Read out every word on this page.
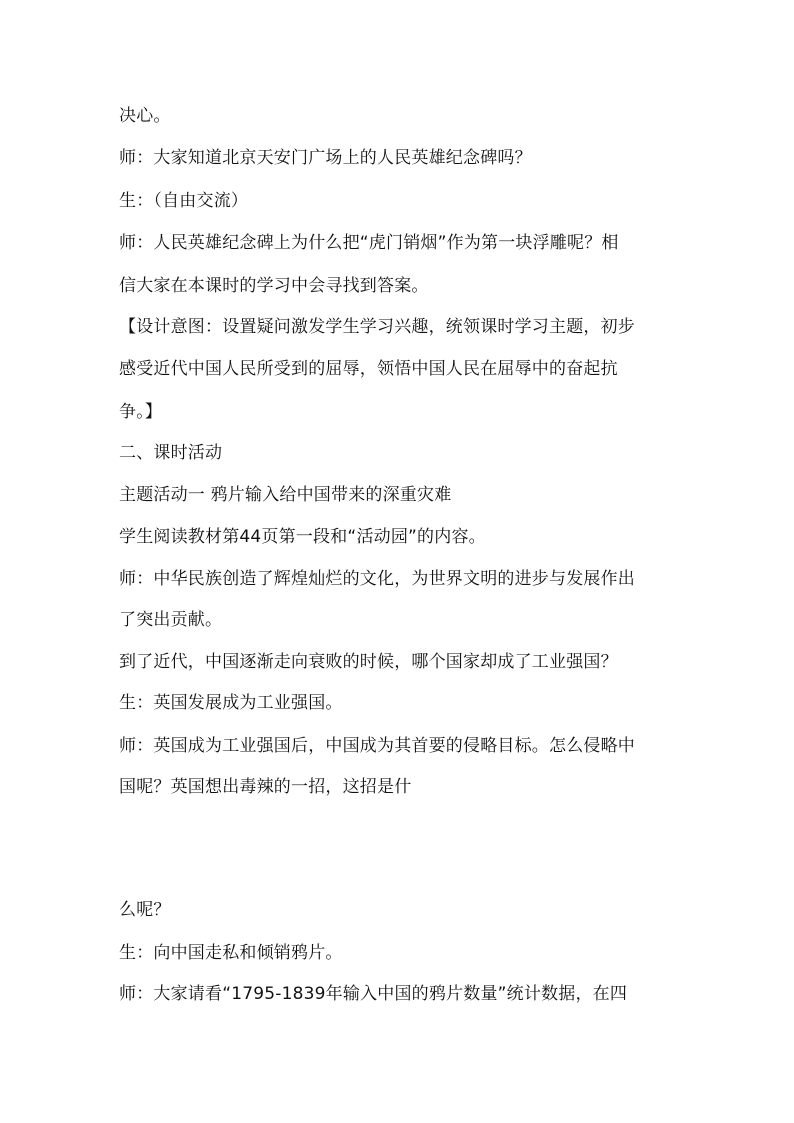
决心。
师：大家知道北京天安门广场上的人民英雄纪念碑吗？
生：（自由交流）
师：人民英雄纪念碑上为什么把“虎门销烟”作为第一块浮雕呢？相
信大家在本课时的学习中会寻找到答案。
【设计意图：设置疑问激发学生学习兴趣，统领课时学习主题，初步
感受近代中国人民所受到的屈辱，领悟中国人民在屈辱中的奋起抗
争。】
二、课时活动
主题活动一 鸦片输入给中国带来的深重灾难
学生阅读教材第44页第一段和“活动园”的内容。
师：中华民族创造了辉煌灿烂的文化，为世界文明的进步与发展作出
了突出贡献。
到了近代，中国逐渐走向衰败的时候，哪个国家却成了工业强国？
生：英国发展成为工业强国。
师：英国成为工业强国后，中国成为其首要的侵略目标。怎么侵略中
国呢？英国想出毒辣的一招，这招是什
么呢？
生：向中国走私和倾销鸦片。
师：大家请看“1795-1839年输入中国的鸦片数量”统计数据，在四
